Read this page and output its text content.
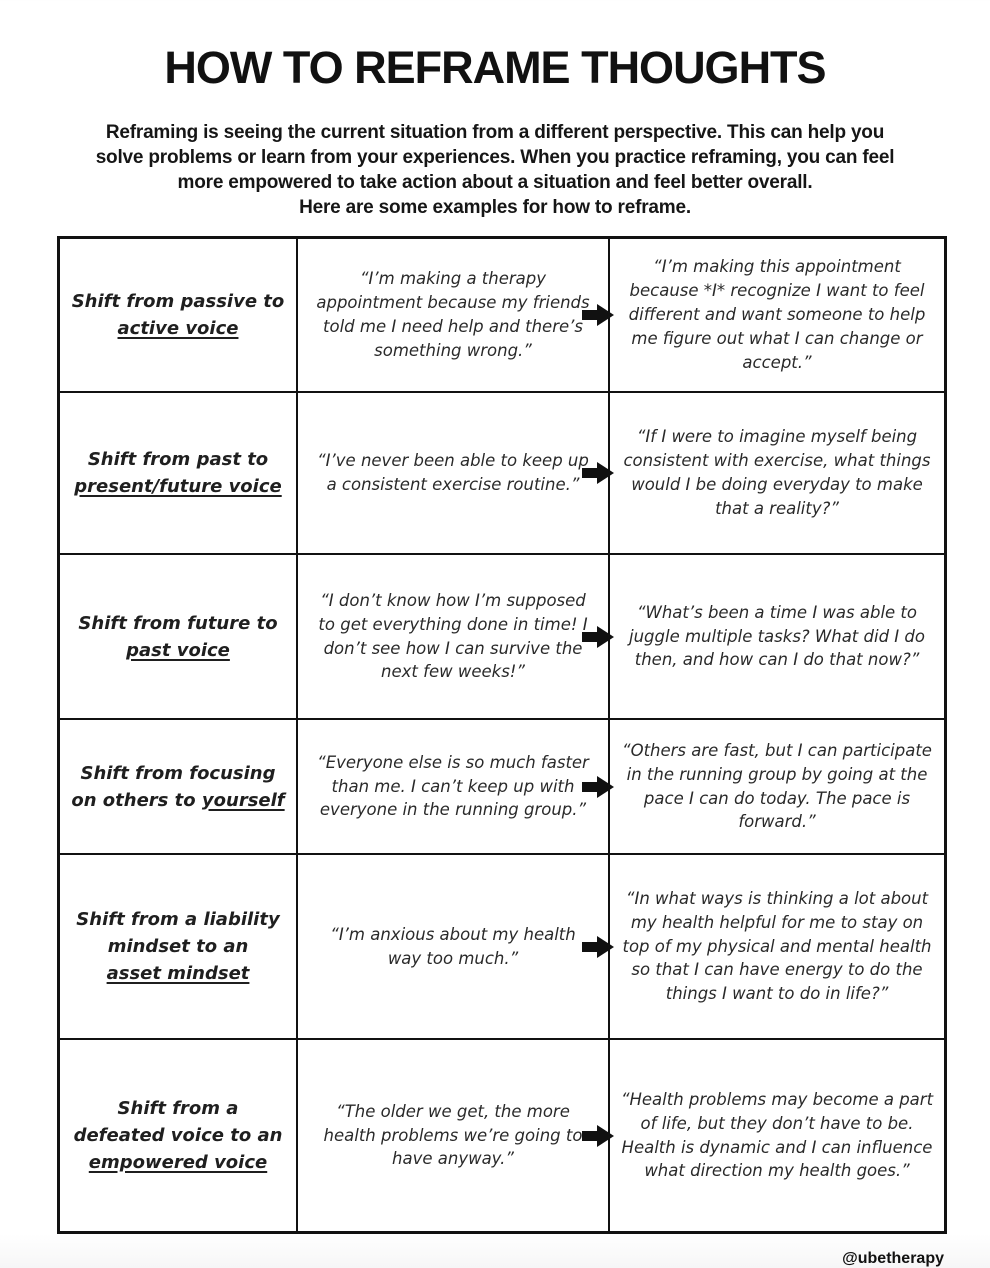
HOW TO REFRAME THOUGHTS
Reframing is seeing the current situation from a different perspective. This can help you
solve problems or learn from your experiences. When you practice reframing, you can feel
more empowered to take action about a situation and feel better overall.
Here are some examples for how to reframe.
Shift from passive to
active voice

“I’m making a therapy appointment because my friends told me I need help and there’s something wrong.”

“I’m making this appointment because *I* recognize I want to feel different and want someone to help me figure out what I can change or accept.”

Shift from past to
present/future voice

“I’ve never been able to keep up a consistent exercise routine.”

“If I were to imagine myself being consistent with exercise, what things would I be doing everyday to make that a reality?”

Shift from future to
past voice

“I don’t know how I’m supposed to get everything done in time! I don’t see how I can survive the next few weeks!”

“What’s been a time I was able to juggle multiple tasks? What did I do then, and how can I do that now?”

Shift from focusing
on others to yourself

“Everyone else is so much faster than me. I can’t keep up with everyone in the running group.”

“Others are fast, but I can participate in the running group by going at the pace I can do today. The pace is forward.”

Shift from a liability
mindset to an
asset mindset

“I’m anxious about my health way too much.”

“In what ways is thinking a lot about my health helpful for me to stay on top of my physical and mental health so that I can have energy to do the things I want to do in life?”

Shift from a
defeated voice to an
empowered voice

“The older we get, the more health problems we’re going to have anyway.”

“Health problems may become a part of life, but they don’t have to be. Health is dynamic and I can influence what direction my health goes.”

@ubetherapy
